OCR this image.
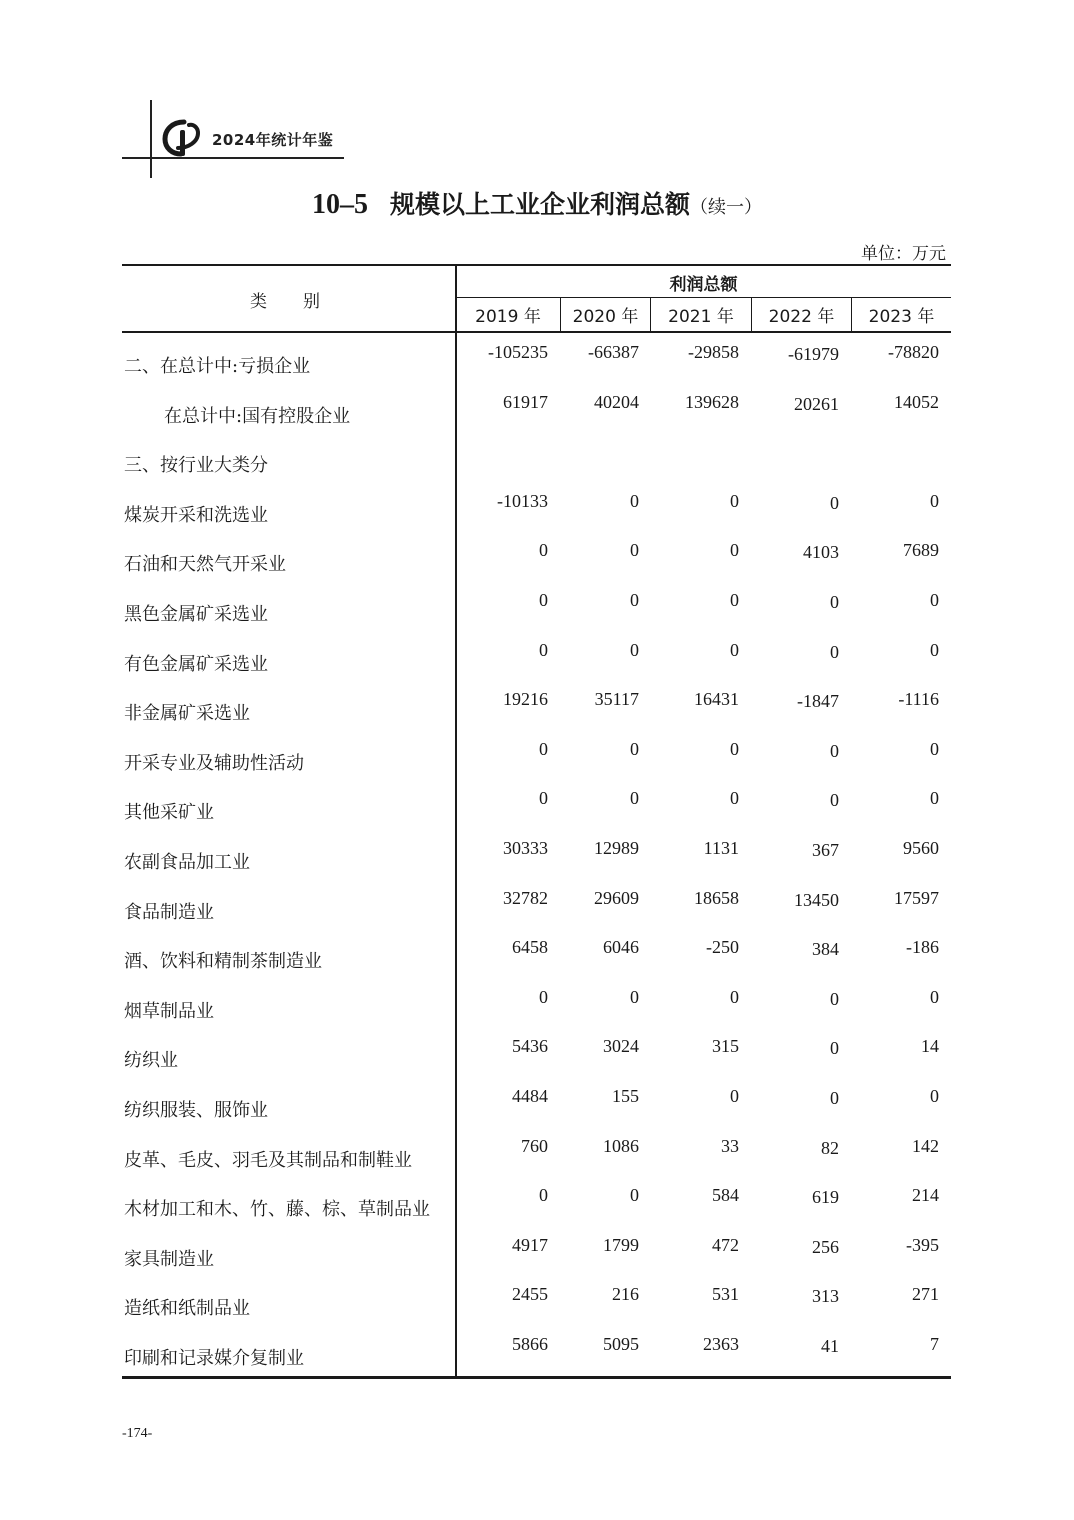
2024年统计年鉴
10–5 规模以上工业企业利润总额（续一）
单位：万元
类别
利润总额
2019 年	2020 年	2021 年	2022 年	2023 年
二、在总计中:亏损企业
-105235	-66387	-29858	-61979	-78820
在总计中:国有控股企业
61917	40204	139628	20261	14052
三、按行业大类分
煤炭开采和洗选业
-10133	0	0	0	0
石油和天然气开采业
0	0	0	4103	7689
黑色金属矿采选业
0	0	0	0	0
有色金属矿采选业
0	0	0	0	0
非金属矿采选业
19216	35117	16431	-1847	-1116
开采专业及辅助性活动
0	0	0	0	0
其他采矿业
0	0	0	0	0
农副食品加工业
30333	12989	1131	367	9560
食品制造业
32782	29609	18658	13450	17597
酒、饮料和精制茶制造业
6458	6046	-250	384	-186
烟草制品业
0	0	0	0	0
纺织业
5436	3024	315	0	14
纺织服装、服饰业
4484	155	0	0	0
皮革、毛皮、羽毛及其制品和制鞋业
760	1086	33	82	142
木材加工和木、竹、藤、棕、草制品业
0	0	584	619	214
家具制造业
4917	1799	472	256	-395
造纸和纸制品业
2455	216	531	313	271
印刷和记录媒介复制业
5866	5095	2363	41	7
-174-
